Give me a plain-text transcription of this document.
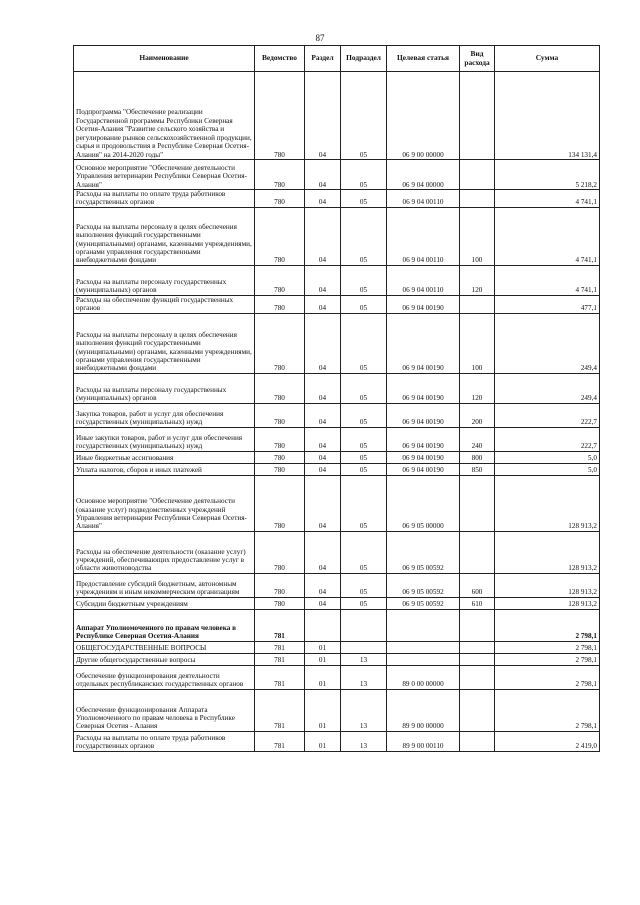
87
Наименование	Ведомство	Раздел	Подраздел	Целевая статья	Вид расхода	Сумма
Подпрограмма "Обеспечение реализации Государственной программы Республики Северная Осетия-Алания "Развитие сельского хозяйства и регулирование рынков сельскохозяйственной продукции, сырья и продовольствия в Республике Северная Осетия-Алания" на 2014-2020 годы"	780	04	05	06 9 00 00000		134 131,4
Основное мероприятие "Обеспечение деятельности Управления ветеринарии Республики Северная Осетия-Алания"	780	04	05	06 9 04 00000		5 218,2
Расходы на выплаты по оплате труда работников государственных органов	780	04	05	06 9 04 00110		4 741,1
Расходы на выплаты персоналу в целях обеспечения выполнения функций государственными (муниципальными) органами, казенными учреждениями, органами управления государственными внебюджетными фондами	780	04	05	06 9 04 00110	100	4 741,1
Расходы на выплаты персоналу государственных (муниципальных) органов	780	04	05	06 9 04 00110	120	4 741,1
Расходы на обеспечение функций государственных органов	780	04	05	06 9 04 00190		477,1
Расходы на выплаты персоналу в целях обеспечения выполнения функций государственными (муниципальными) органами, казенными учреждениями, органами управления государственными внебюджетными фондами	780	04	05	06 9 04 00190	100	249,4
Расходы на выплаты персоналу государственных (муниципальных) органов	780	04	05	06 9 04 00190	120	249,4
Закупка товаров, работ и услуг для обеспечения государственных (муниципальных) нужд	780	04	05	06 9 04 00190	200	222,7
Иные закупки товаров, работ и услуг для обеспечения государственных (муниципальных) нужд	780	04	05	06 9 04 00190	240	222,7
Иные бюджетные ассигнования	780	04	05	06 9 04 00190	800	5,0
Уплата налогов, сборов и иных платежей	780	04	05	06 9 04 00190	850	5,0
Основное мероприятие "Обеспечение деятельности (оказание услуг) подведомственных учреждений Управления ветеринарии Республики Северная Осетия-Алания"	780	04	05	06 9 05 00000		128 913,2
Расходы на обеспечение деятельности (оказание услуг) учреждений, обеспечивающих предоставление услуг в области животноводства	780	04	05	06 9 05 00592		128 913,2
Предоставление субсидий бюджетным, автономным учреждениям и иным некоммерческим организациям	780	04	05	06 9 05 00592	600	128 913,2
Субсидии бюджетным учреждениям	780	04	05	06 9 05 00592	610	128 913,2
Аппарат Уполномоченного по правам человека в Республике Северная Осетия-Алания	781					2 798,1
ОБЩЕГОСУДАРСТВЕННЫЕ ВОПРОСЫ	781	01				2 798,1
Другие общегосударственные вопросы	781	01	13			2 798,1
Обеспечение функционирования деятельности отдельных республиканских государственных органов	781	01	13	89 0 00 00000		2 798,1
Обеспечение функционирования Аппарата Уполномоченного по правам человека в Республике Северная Осетия - Алания	781	01	13	89 9 00 00000		2 798,1
Расходы на выплаты по оплате труда работников государственных органов	781	01	13	89 9 00 00110		2 419,0
